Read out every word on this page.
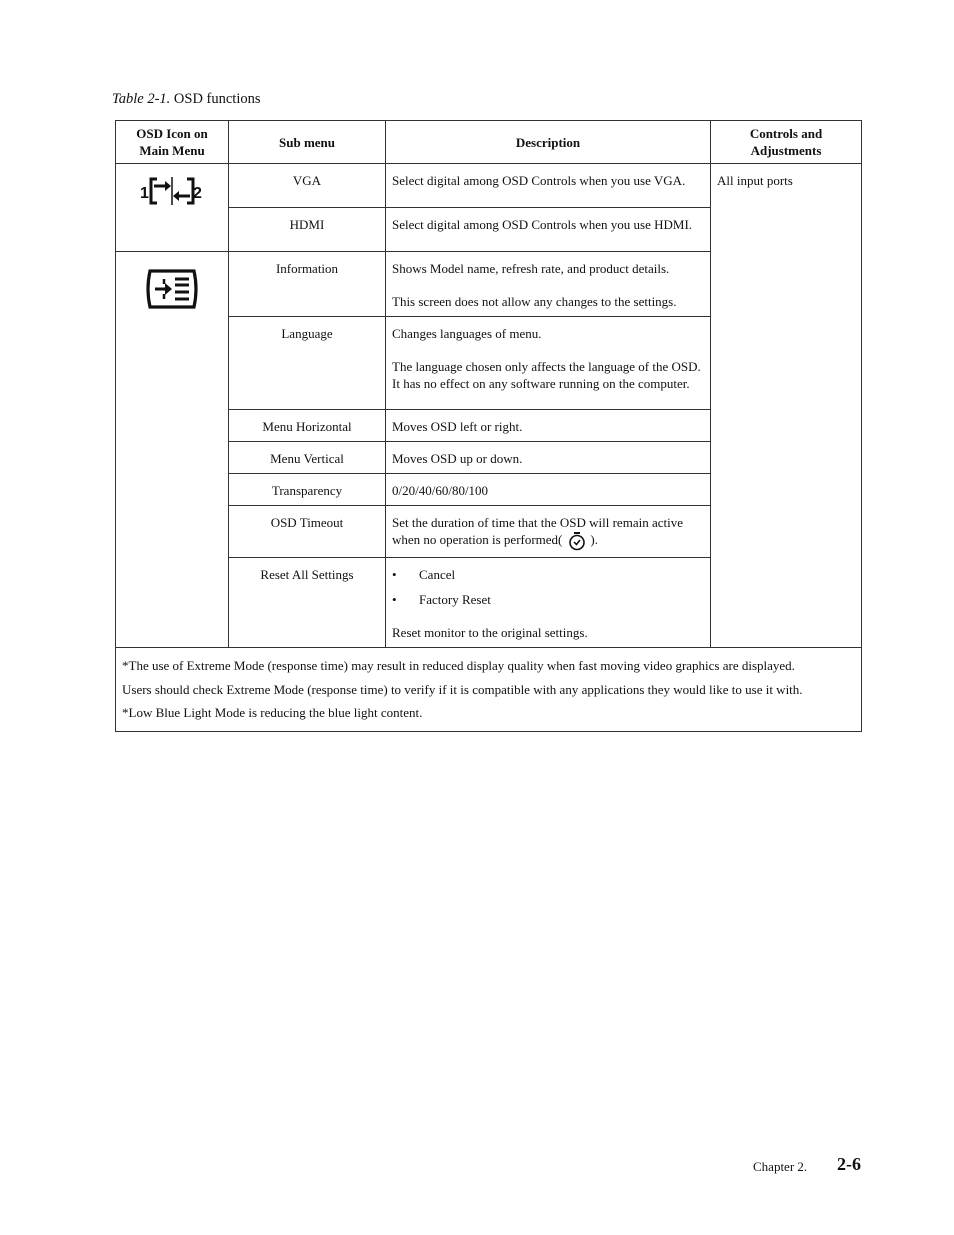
Table 2-1. OSD functions
OSD Icon on Main Menu	Sub menu	Description	Controls and Adjustments

1 2	VGA	Select digital among OSD Controls when you use VGA.	All input ports
	HDMI	Select digital among OSD Controls when you use HDMI.	
	Information	Shows Model name, refresh rate, and product details.
This screen does not allow any changes to the settings.	

	Language	Changes languages of menu.
The language chosen only affects the language of the OSD. It has no effect on any software running on the computer.	

	Menu Horizontal	Moves OSD left or right.	
	Menu Vertical	Moves OSD up or down.	
	Transparency	0/20/40/60/80/100	
	OSD Timeout	Set the duration of time that the OSD will remain active when no operation is performed( ).	
	Reset All Settings	• Cancel
• Factory Reset
Reset monitor to the original settings.	

*The use of Extreme Mode (response time) may result in reduced display quality when fast moving video graphics are displayed.
Users should check Extreme Mode (response time) to verify if it is compatible with any applications they would like to use it with.
*Low Blue Light Mode is reducing the blue light content.			
Chapter 2. 2-6
